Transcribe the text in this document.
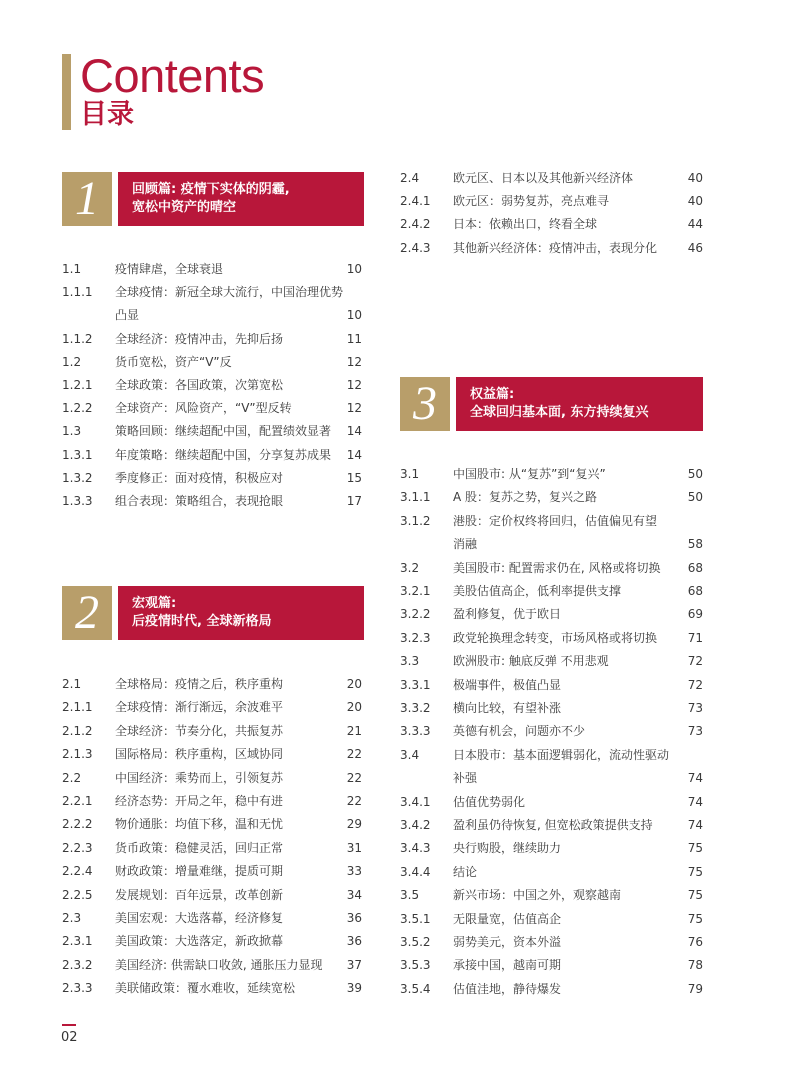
Contents
目录
1	回顾篇: 疫情下实体的阴霾,
宽松中资产的晴空
2	宏观篇:
后疫情时代, 全球新格局
3	权益篇:
全球回归基本面, 东方持续复兴
1.1	疫情肆虐，全球衰退	10
1.1.1 全球疫情：新冠全球大流行，中国治理优势
凸显	10
1.1.2 全球经济：疫情冲击，先抑后扬	11
1.2	货币宽松，资产“V”反	12
1.2.1 全球政策：各国政策，次第宽松	12
1.2.2 全球资产：风险资产，“V”型反转	12
1.3	策略回顾：继续超配中国，配置绩效显著 14
1.3.1 年度策略：继续超配中国，分享复苏成果 14
1.3.2 季度修正：面对疫情，积极应对	15
1.3.3 组合表现：策略组合，表现抢眼	17
2.1	全球格局：疫情之后，秩序重构	20
2.1.1 全球疫情：渐行渐远，余波难平	20
2.1.2 全球经济：节奏分化，共振复苏	21
2.1.3 国际格局：秩序重构，区域协同	22
2.2	中国经济：乘势而上，引领复苏	22
2.2.1 经济态势：开局之年，稳中有进	22
2.2.2 物价通胀：均值下移，温和无忧	29
2.2.3 货币政策：稳健灵活，回归正常	31
2.2.4 财政政策：增量难继，提质可期	33
2.2.5 发展规划：百年远景，改革创新	34
2.3	美国宏观：大选落幕，经济修复	36
2.3.1 美国政策：大选落定，新政掀幕	36
2.3.2 美国经济: 供需缺口收敛, 通胀压力显现 37
2.3.3 美联储政策：覆水难收，延续宽松	39
2.4	欧元区、日本以及其他新兴经济体	40
2.4.1 欧元区：弱势复苏，亮点难寻	40
2.4.2 日本：依赖出口，终看全球	44
2.4.3 其他新兴经济体：疫情冲击，表现分化	46
3.1	中国股市: 从“复苏”到“复兴”	50
3.1.1 A 股：复苏之势，复兴之路	50
3.1.2 港股：定价权终将回归，估值偏见有望
消融	58
3.2	美国股市: 配置需求仍在, 风格或将切换 68
3.2.1 美股估值高企，低利率提供支撑	68
3.2.2 盈利修复，优于欧日	69
3.2.3 政党轮换理念转变，市场风格或将切换	71
3.3	欧洲股市: 触底反弹 不用悲观	72
3.3.1 极端事件，极值凸显	72
3.3.2 横向比较，有望补涨	73
3.3.3 英德有机会，问题亦不少	73
3.4	日本股市：基本面逻辑弱化，流动性驱动
补强	74
3.4.1 估值优势弱化	74
3.4.2 盈利虽仍待恢复, 但宽松政策提供支持	74
3.4.3 央行购股，继续助力	75
3.4.4 结论	75
3.5	新兴市场：中国之外，观察越南	75
3.5.1 无限量宽，估值高企	75
3.5.2 弱势美元，资本外溢	76
3.5.3 承接中国，越南可期	78
3.5.4 估值洼地，静待爆发	79
02
